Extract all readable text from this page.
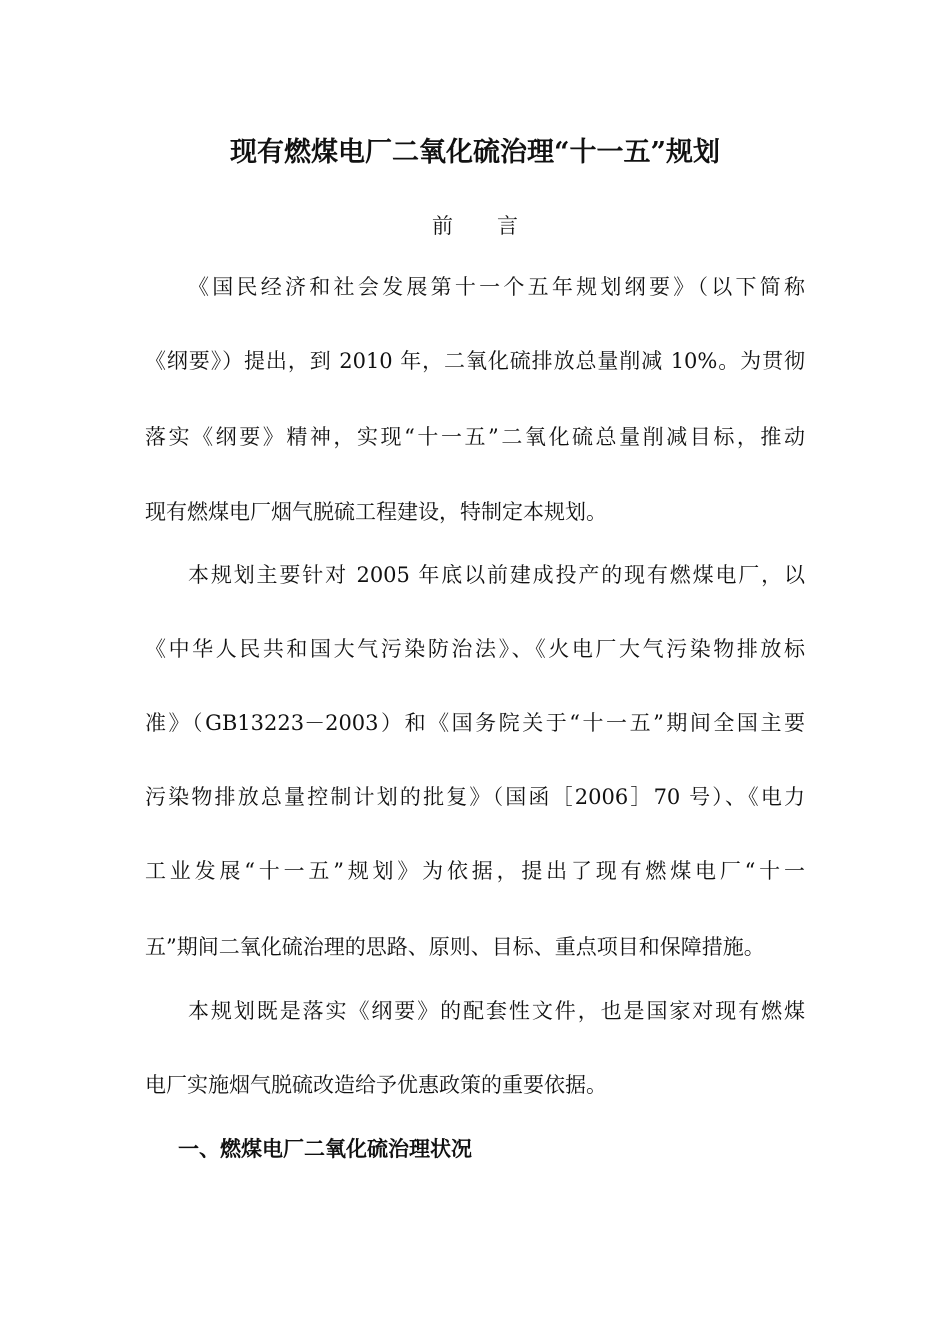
现有燃煤电厂二氧化硫治理“十一五”规划
前 言
《国民经济和社会发展第十一个五年规划纲要》（以下简称
《纲要》）提出，到 2010 年，二氧化硫排放总量削减 10%。为贯彻
落实《纲要》精神，实现“十一五”二氧化硫总量削减目标，推动
现有燃煤电厂烟气脱硫工程建设，特制定本规划。
本规划主要针对 2005 年底以前建成投产的现有燃煤电厂，以
《中华人民共和国大气污染防治法》、《火电厂大气污染物排放标
准》（GB13223－2003）和《国务院关于“十一五”期间全国主要
污染物排放总量控制计划的批复》（国函［2006］70 号）、《电力
工业发展“十一五”规划》为依据，提出了现有燃煤电厂“十一
五”期间二氧化硫治理的思路、原则、目标、重点项目和保障措施。
本规划既是落实《纲要》的配套性文件，也是国家对现有燃煤
电厂实施烟气脱硫改造给予优惠政策的重要依据。
一、燃煤电厂二氧化硫治理状况
